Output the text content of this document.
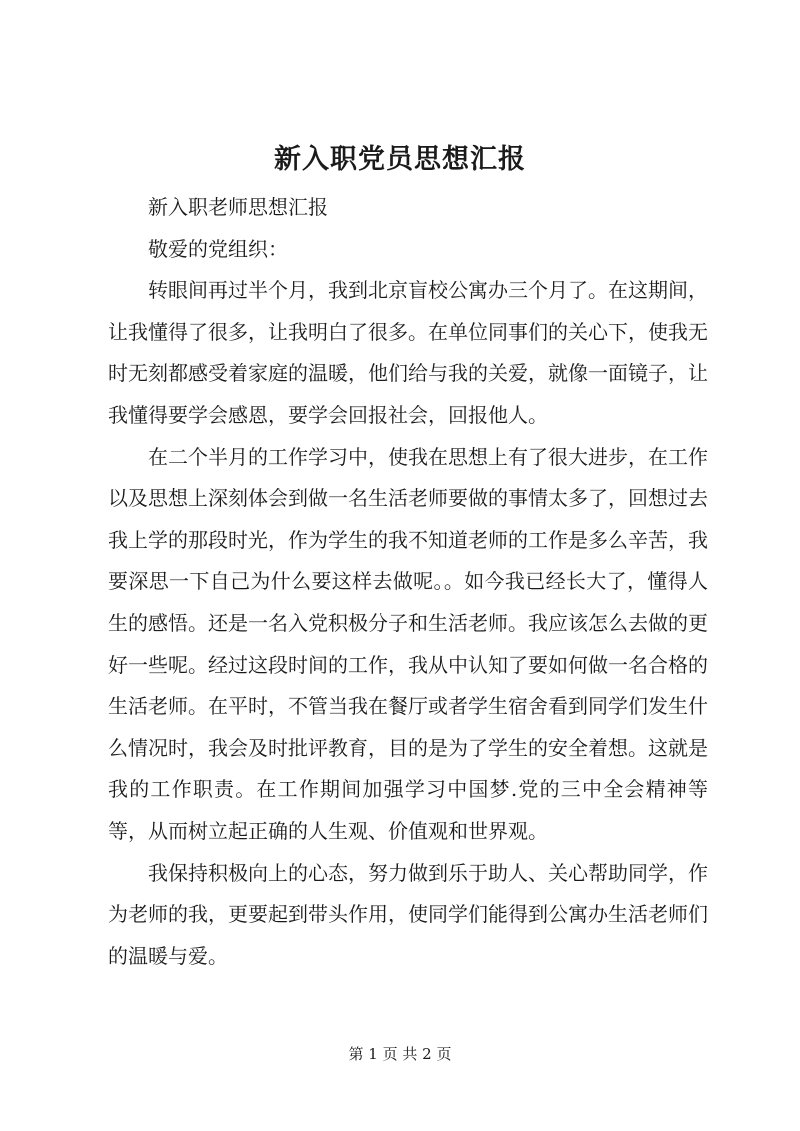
新入职党员思想汇报

新入职老师思想汇报

敬爱的党组织：

转眼间再过半个月，我到北京盲校公寓办三个月了。在这期间，让我懂得了很多，让我明白了很多。在单位同事们的关心下，使我无时无刻都感受着家庭的温暖，他们给与我的关爱，就像一面镜子，让我懂得要学会感恩，要学会回报社会，回报他人。

在二个半月的工作学习中，使我在思想上有了很大进步，在工作以及思想上深刻体会到做一名生活老师要做的事情太多了，回想过去我上学的那段时光，作为学生的我不知道老师的工作是多么辛苦，我要深思一下自己为什么要这样去做呢。。如今我已经长大了，懂得人生的感悟。还是一名入党积极分子和生活老师。我应该怎么去做的更好一些呢。经过这段时间的工作，我从中认知了要如何做一名合格的生活老师。在平时，不管当我在餐厅或者学生宿舍看到同学们发生什么情况时，我会及时批评教育，目的是为了学生的安全着想。这就是我的工作职责。在工作期间加强学习中国梦.党的三中全会精神等等，从而树立起正确的人生观、价值观和世界观。

我保持积极向上的心态，努力做到乐于助人、关心帮助同学，作为老师的我，更要起到带头作用，使同学们能得到公寓办生活老师们的温暖与爱。

第 1 页 共 2 页
